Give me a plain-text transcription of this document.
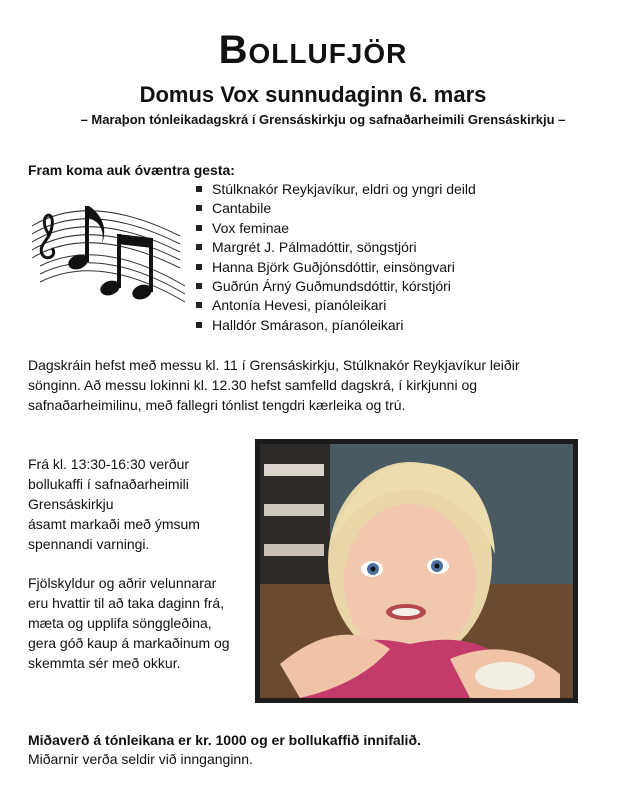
Bollufjör
Domus Vox sunnudaginn 6. mars

– Maraþon tónleikadagskrá í Grensáskirkju og safnaðarheimili Grensáskirkju –

Fram koma auk óvæntra gesta:

Stúlknakór Reykjavíkur, eldri og yngri deild
Cantabile
Vox feminae
Margrét J. Pálmadóttir, söngstjóri
Hanna Björk Guðjónsdóttir, einsöngvari
Guðrún Árný Guðmundsdóttir, kórstjóri
Antonía Hevesi, píanóleikari
Halldór Smárason, píanóleikari

Dagskráin hefst með messu kl. 11 í Grensáskirkju, Stúlknakór Reykjavíkur leiðir sönginn. Að messu lokinni kl. 12.30 hefst samfelld dagskrá, í kirkjunni og safnaðarheimilinu, með fallegri tónlist tengdri kærleika og trú.

Frá kl. 13:30-16:30 verður

bollukaffi í safnaðarheimili

Grensáskirkju

ásamt markaði með ýmsum

spennandi varningi.

Fjölskyldur og aðrir velunnarar

eru hvattir til að taka daginn frá,

mæta og upplifa sönggleðina,

gera góð kaup á markaðinum og

skemmta sér með okkur.

Miðaverð á tónleikana er kr. 1000 og er bollukaffið innifalið.

Miðarnir verða seldir við innganginn.
